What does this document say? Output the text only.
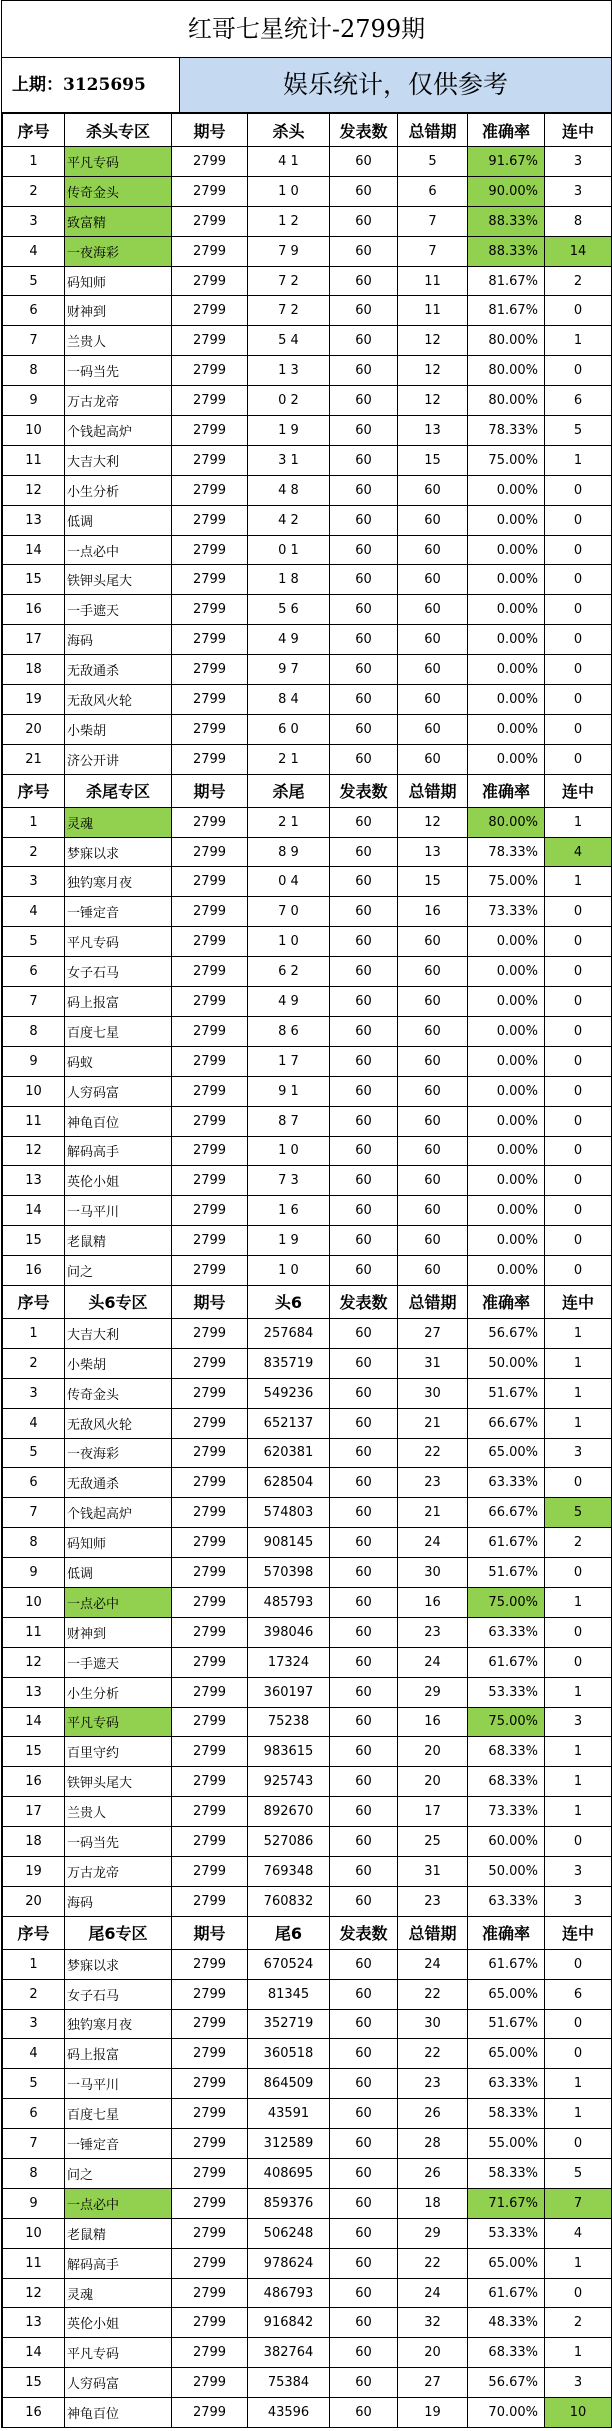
红哥七星统计-2799期
上期：3125695	娱乐统计，仅供参考
序号	杀头专区	期号	杀头	发表数	总错期	准确率	连中
1	平凡专码	2799	4 1	60	5	91.67%	3
2	传奇金头	2799	1 0	60	6	90.00%	3
3	致富精	2799	1 2	60	7	88.33%	8
4	一夜海彩	2799	7 9	60	7	88.33%	14
5	码知师	2799	7 2	60	11	81.67%	2
6	财神到	2799	7 2	60	11	81.67%	0
7	兰贵人	2799	5 4	60	12	80.00%	1
8	一码当先	2799	1 3	60	12	80.00%	0
9	万古龙帝	2799	0 2	60	12	80.00%	6
10	个钱起高炉	2799	1 9	60	13	78.33%	5
11	大吉大利	2799	3 1	60	15	75.00%	1
12	小生分析	2799	4 8	60	60	0.00%	0
13	低调	2799	4 2	60	60	0.00%	0
14	一点必中	2799	0 1	60	60	0.00%	0
15	铁钾头尾大	2799	1 8	60	60	0.00%	0
16	一手遮天	2799	5 6	60	60	0.00%	0
17	海码	2799	4 9	60	60	0.00%	0
18	无敌通杀	2799	9 7	60	60	0.00%	0
19	无敌风火轮	2799	8 4	60	60	0.00%	0
20	小柴胡	2799	6 0	60	60	0.00%	0
21	济公开讲	2799	2 1	60	60	0.00%	0
序号	杀尾专区	期号	杀尾	发表数	总错期	准确率	连中
1	灵魂	2799	2 1	60	12	80.00%	1
2	梦寐以求	2799	8 9	60	13	78.33%	4
3	独钓寒月夜	2799	0 4	60	15	75.00%	1
4	一锤定音	2799	7 0	60	16	73.33%	0
5	平凡专码	2799	1 0	60	60	0.00%	0
6	女子石马	2799	6 2	60	60	0.00%	0
7	码上报富	2799	4 9	60	60	0.00%	0
8	百度七星	2799	8 6	60	60	0.00%	0
9	码蚁	2799	1 7	60	60	0.00%	0
10	人穷码富	2799	9 1	60	60	0.00%	0
11	神龟百位	2799	8 7	60	60	0.00%	0
12	解码高手	2799	1 0	60	60	0.00%	0
13	英伦小姐	2799	7 3	60	60	0.00%	0
14	一马平川	2799	1 6	60	60	0.00%	0
15	老鼠精	2799	1 9	60	60	0.00%	0
16	问之	2799	1 0	60	60	0.00%	0
序号	头6专区	期号	头6	发表数	总错期	准确率	连中
1	大吉大利	2799	257684	60	27	56.67%	1
2	小柴胡	2799	835719	60	31	50.00%	1
3	传奇金头	2799	549236	60	30	51.67%	1
4	无敌风火轮	2799	652137	60	21	66.67%	1
5	一夜海彩	2799	620381	60	22	65.00%	3
6	无敌通杀	2799	628504	60	23	63.33%	0
7	个钱起高炉	2799	574803	60	21	66.67%	5
8	码知师	2799	908145	60	24	61.67%	2
9	低调	2799	570398	60	30	51.67%	0
10	一点必中	2799	485793	60	16	75.00%	1
11	财神到	2799	398046	60	23	63.33%	0
12	一手遮天	2799	17324	60	24	61.67%	0
13	小生分析	2799	360197	60	29	53.33%	1
14	平凡专码	2799	75238	60	16	75.00%	3
15	百里守约	2799	983615	60	20	68.33%	1
16	铁钾头尾大	2799	925743	60	20	68.33%	1
17	兰贵人	2799	892670	60	17	73.33%	1
18	一码当先	2799	527086	60	25	60.00%	0
19	万古龙帝	2799	769348	60	31	50.00%	3
20	海码	2799	760832	60	23	63.33%	3
序号	尾6专区	期号	尾6	发表数	总错期	准确率	连中
1	梦寐以求	2799	670524	60	24	61.67%	0
2	女子石马	2799	81345	60	22	65.00%	6
3	独钓寒月夜	2799	352719	60	30	51.67%	0
4	码上报富	2799	360518	60	22	65.00%	0
5	一马平川	2799	864509	60	23	63.33%	1
6	百度七星	2799	43591	60	26	58.33%	1
7	一锤定音	2799	312589	60	28	55.00%	0
8	问之	2799	408695	60	26	58.33%	5
9	一点必中	2799	859376	60	18	71.67%	7
10	老鼠精	2799	506248	60	29	53.33%	4
11	解码高手	2799	978624	60	22	65.00%	1
12	灵魂	2799	486793	60	24	61.67%	0
13	英伦小姐	2799	916842	60	32	48.33%	2
14	平凡专码	2799	382764	60	20	68.33%	1
15	人穷码富	2799	75384	60	27	56.67%	3
16	神龟百位	2799	43596	60	19	70.00%	10
